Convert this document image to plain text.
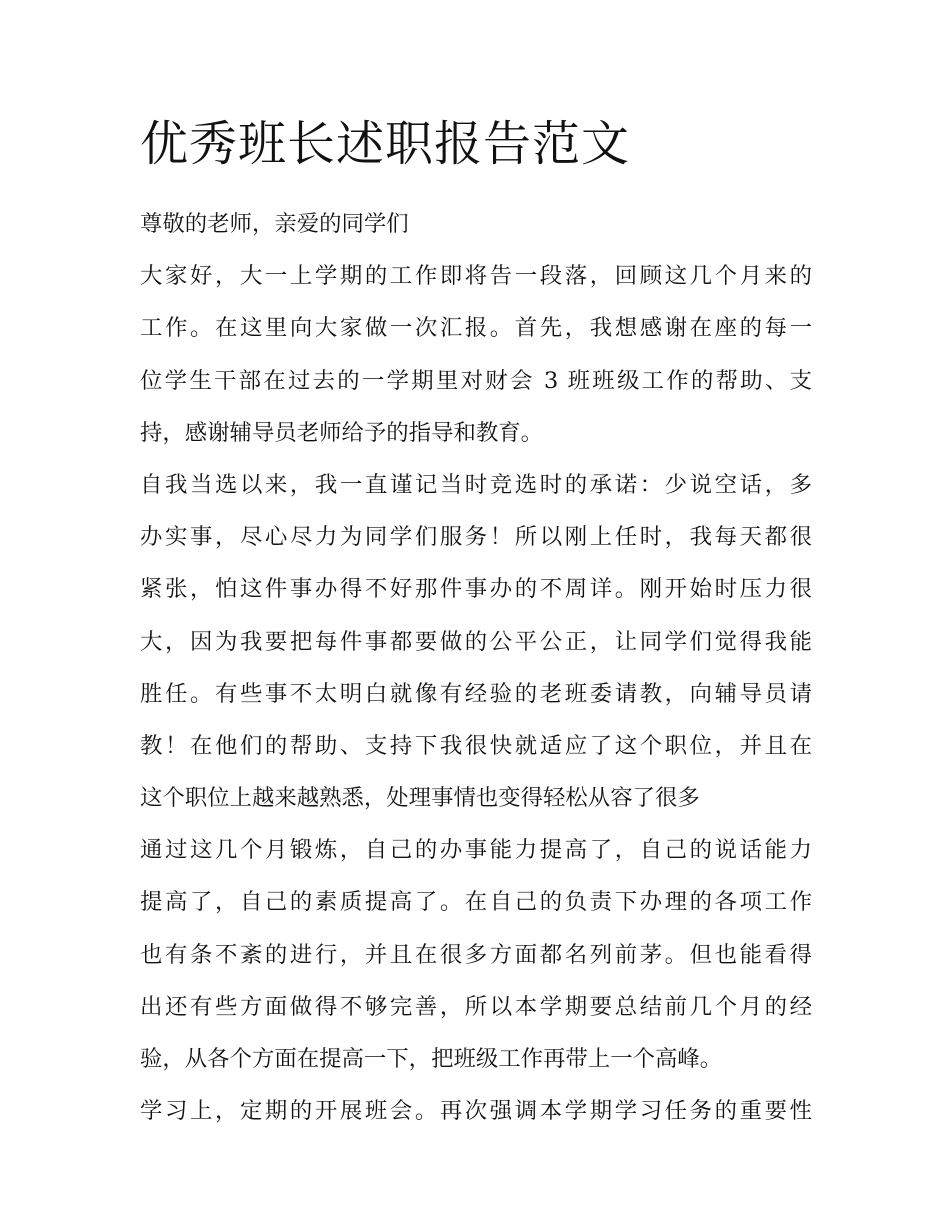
优秀班长述职报告范文
尊敬的老师，亲爱的同学们
大家好，大一上学期的工作即将告一段落，回顾这几个月来的
工作。在这里向大家做一次汇报。首先，我想感谢在座的每一
位学生干部在过去的一学期里对财会 3 班班级工作的帮助、支
持，感谢辅导员老师给予的指导和教育。
自我当选以来，我一直谨记当时竞选时的承诺：少说空话，多
办实事，尽心尽力为同学们服务！所以刚上任时，我每天都很
紧张，怕这件事办得不好那件事办的不周详。刚开始时压力很
大，因为我要把每件事都要做的公平公正，让同学们觉得我能
胜任。有些事不太明白就像有经验的老班委请教，向辅导员请
教！在他们的帮助、支持下我很快就适应了这个职位，并且在
这个职位上越来越熟悉，处理事情也变得轻松从容了很多
通过这几个月锻炼，自己的办事能力提高了，自己的说话能力
提高了，自己的素质提高了。在自己的负责下办理的各项工作
也有条不紊的进行，并且在很多方面都名列前茅。但也能看得
出还有些方面做得不够完善，所以本学期要总结前几个月的经
验，从各个方面在提高一下，把班级工作再带上一个高峰。
学习上，定期的开展班会。再次强调本学期学习任务的重要性
